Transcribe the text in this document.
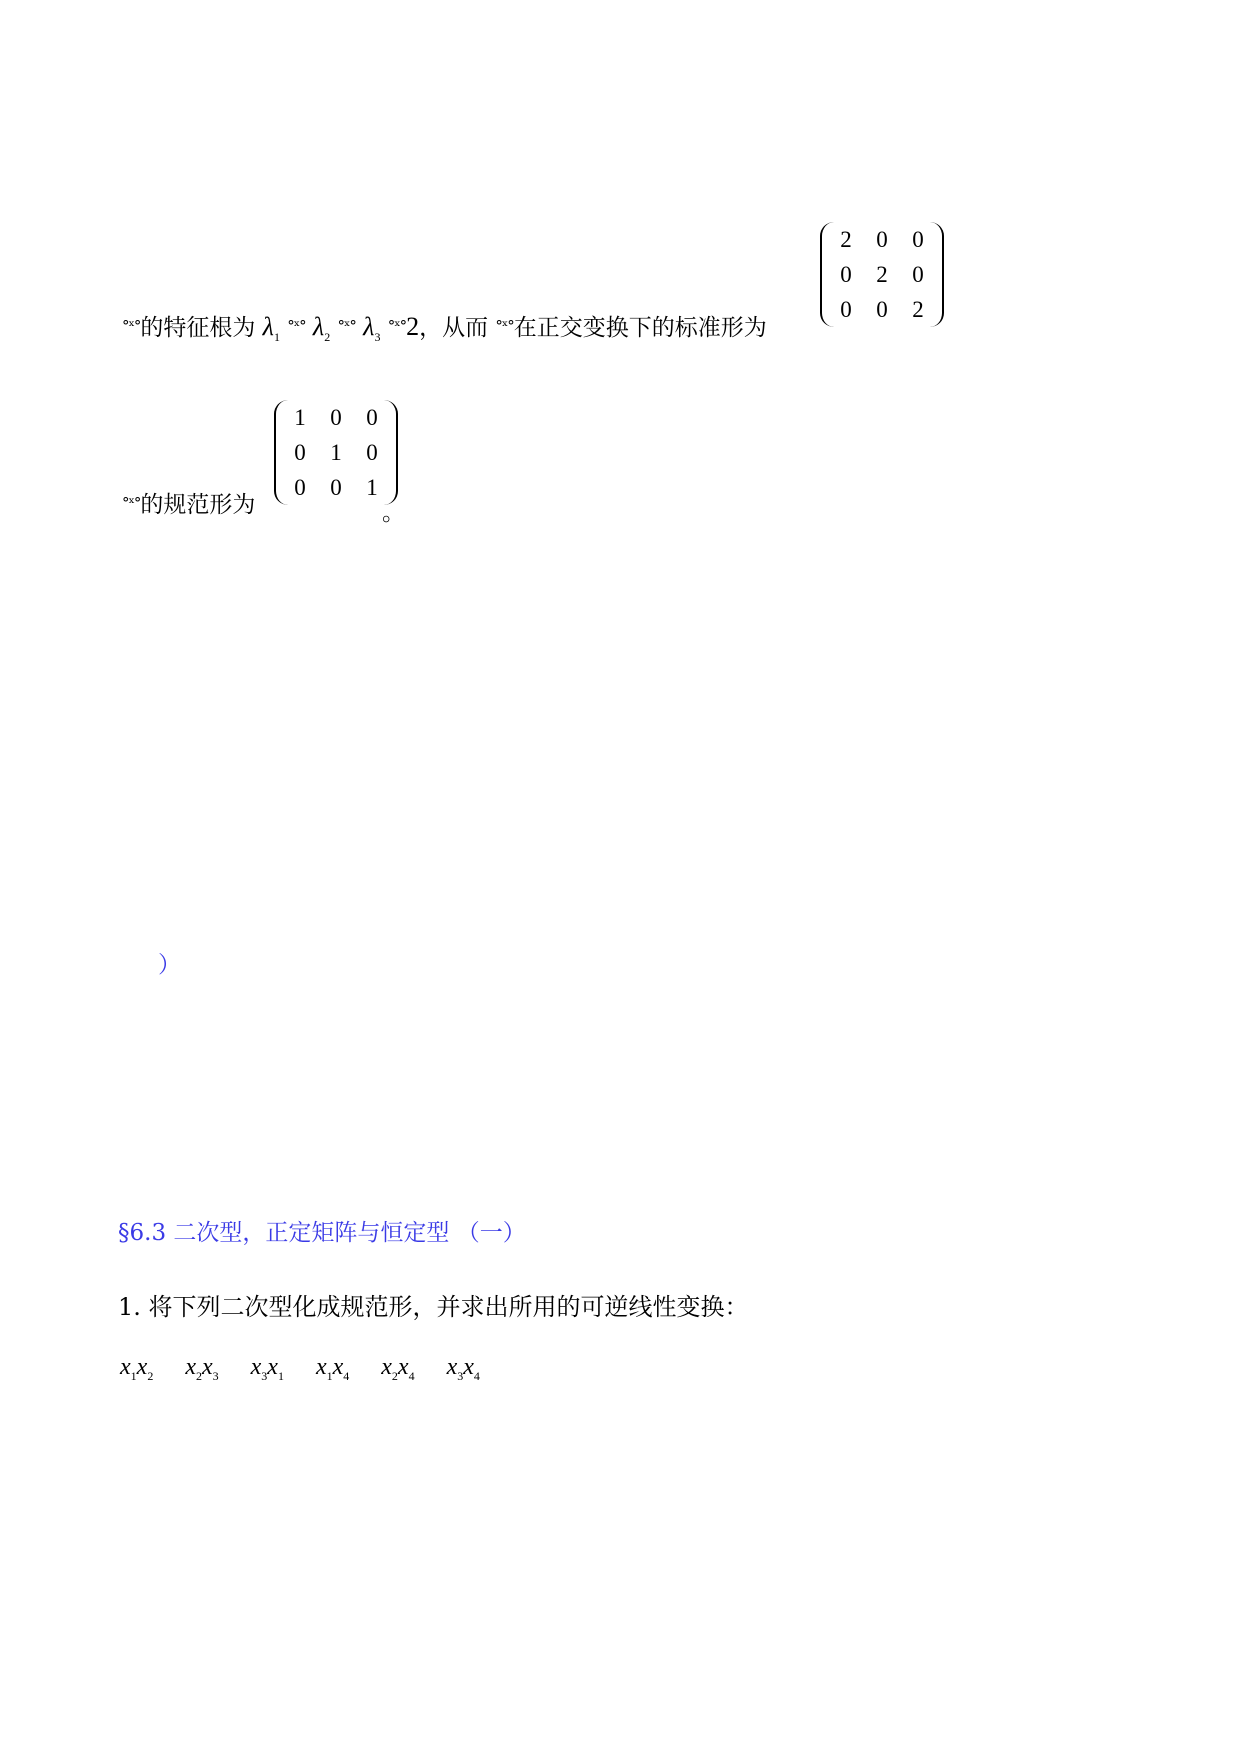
°ˣ°的特征根为 $\lambda_1$ °ˣ° $\lambda_2$ °ˣ° $\lambda_3$ °ˣ°2，从而 °ˣ°在正交变换下的标准形为
2	0	0
0	2	0
0	0	2
°ˣ°的规范形为
1	0	0
0	1	0
0	0	1
。
）
§6.3 二次型，正定矩阵与恒定型 （一）
1. 将下列二次型化成规范形，并求出所用的可逆线性变换：
$x_1x_2$ $x_2x_3$ $x_3x_1$ $x_1x_4$ $x_2x_4$ $x_3x_4$
